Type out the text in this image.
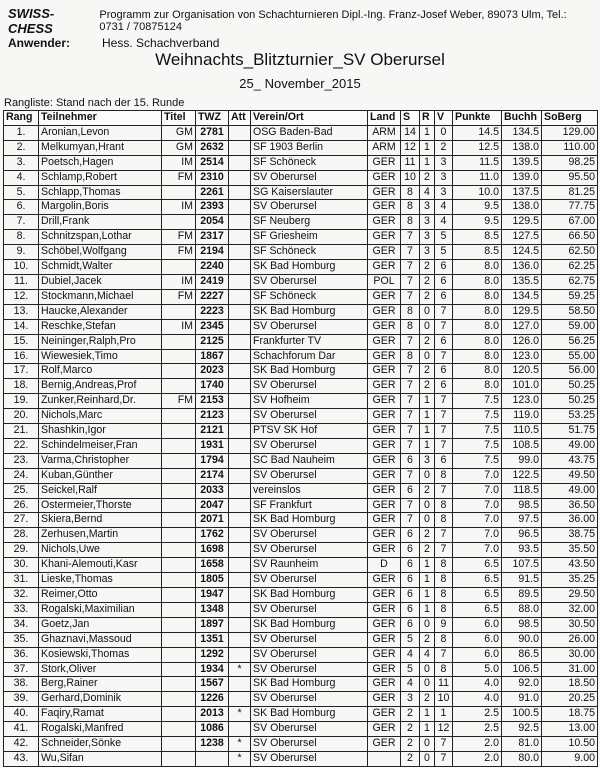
SWISS-CHESS
Programm zur Organisation von Schachturnieren Dipl.-Ing. Franz-Josef Weber, 89073 Ulm, Tel.: 0731 / 70875124
Anwender:	Hess. Schachverband
Weihnachts_Blitzturnier_SV Oberursel
25_ November_2015
Rangliste: Stand nach der 15. Runde
Rang	Teilnehmer	Titel	TWZ	Att	Verein/Ort	Land	S	R	V	Punkte	Buchh	SoBerg
1.	Aronian,Levon	GM	2781		OSG Baden-Bad	ARM	14	1	0	14.5	134.5	129.00
2.	Melkumyan,Hrant	GM	2632		SF 1903 Berlin	ARM	12	1	2	12.5	138.0	110.00
3.	Poetsch,Hagen	IM	2514		SF Schöneck	GER	11	1	3	11.5	139.5	98.25
4.	Schlamp,Robert	FM	2310		SV Oberursel	GER	10	2	3	11.0	139.0	95.50
5.	Schlapp,Thomas		2261		SG Kaiserslauter	GER	8	4	3	10.0	137.5	81.25
6.	Margolin,Boris	IM	2393		SV Oberursel	GER	8	3	4	9.5	138.0	77.75
7.	Drill,Frank		2054		SF Neuberg	GER	8	3	4	9.5	129.5	67.00
8.	Schnitzspan,Lothar	FM	2317		SF Griesheim	GER	7	3	5	8.5	127.5	66.50
9.	Schöbel,Wolfgang	FM	2194		SF Schöneck	GER	7	3	5	8.5	124.5	62.50
10.	Schmidt,Walter		2240		SK Bad Homburg	GER	7	2	6	8.0	136.0	62.25
11.	Dubiel,Jacek	IM	2419		SV Oberursel	POL	7	2	6	8.0	135.5	62.75
12.	Stockmann,Michael	FM	2227		SF Schöneck	GER	7	2	6	8.0	134.5	59.25
13.	Haucke,Alexander		2223		SK Bad Homburg	GER	8	0	7	8.0	129.5	58.50
14.	Reschke,Stefan	IM	2345		SV Oberursel	GER	8	0	7	8.0	127.0	59.00
15.	Neininger,Ralph,Pro		2125		Frankfurter TV	GER	7	2	6	8.0	126.0	56.25
16.	Wiewesiek,Timo		1867		Schachforum Dar	GER	8	0	7	8.0	123.0	55.00
17.	Rolf,Marco		2023		SK Bad Homburg	GER	7	2	6	8.0	120.5	56.00
18.	Bernig,Andreas,Prof		1740		SV Oberursel	GER	7	2	6	8.0	101.0	50.25
19.	Zunker,Reinhard,Dr.	FM	2153		SV Hofheim	GER	7	1	7	7.5	123.0	50.25
20.	Nichols,Marc		2123		SV Oberursel	GER	7	1	7	7.5	119.0	53.25
21.	Shashkin,Igor		2121		PTSV SK Hof	GER	7	1	7	7.5	110.5	51.75
22.	Schindelmeiser,Fran		1931		SV Oberursel	GER	7	1	7	7.5	108.5	49.00
23.	Varma,Christopher		1794		SC Bad Nauheim	GER	6	3	6	7.5	99.0	43.75
24.	Kuban,Günther		2174		SV Oberursel	GER	7	0	8	7.0	122.5	49.50
25.	Seickel,Ralf		2033		vereinslos	GER	6	2	7	7.0	118.5	49.00
26.	Ostermeier,Thorste		2047		SF Frankfurt	GER	7	0	8	7.0	98.5	36.50
27.	Skiera,Bernd		2071		SK Bad Homburg	GER	7	0	8	7.0	97.5	36.00
28.	Zerhusen,Martin		1762		SV Oberursel	GER	6	2	7	7.0	96.5	38.75
29.	Nichols,Uwe		1698		SV Oberursel	GER	6	2	7	7.0	93.5	35.50
30.	Khani-Alemouti,Kasr		1658		SV Raunheim	D	6	1	8	6.5	107.5	43.50
31.	Lieske,Thomas		1805		SV Oberursel	GER	6	1	8	6.5	91.5	35.25
32.	Reimer,Otto		1947		SK Bad Homburg	GER	6	1	8	6.5	89.5	29.50
33.	Rogalski,Maximilian		1348		SV Oberursel	GER	6	1	8	6.5	88.0	32.00
34.	Goetz,Jan		1897		SK Bad Homburg	GER	6	0	9	6.0	98.5	30.50
35.	Ghaznavi,Massoud		1351		SV Oberursel	GER	5	2	8	6.0	90.0	26.00
36.	Kosiewski,Thomas		1292		SV Oberursel	GER	4	4	7	6.0	86.5	30.00
37.	Stork,Oliver		1934	*	SV Oberursel	GER	5	0	8	5.0	106.5	31.00
38.	Berg,Rainer		1567		SK Bad Homburg	GER	4	0	11	4.0	92.0	18.50
39.	Gerhard,Dominik		1226		SV Oberursel	GER	3	2	10	4.0	91.0	20.25
40.	Faqiry,Ramat		2013	*	SK Bad Homburg	GER	2	1	1	2.5	100.5	18.75
41.	Rogalski,Manfred		1086		SV Oberursel	GER	2	1	12	2.5	92.5	13.00
42.	Schneider,Sönke		1238	*	SV Oberursel	GER	2	0	7	2.0	81.0	10.50
43.	Wu,Sifan			*	SV Oberursel		2	0	7	2.0	80.0	9.00
